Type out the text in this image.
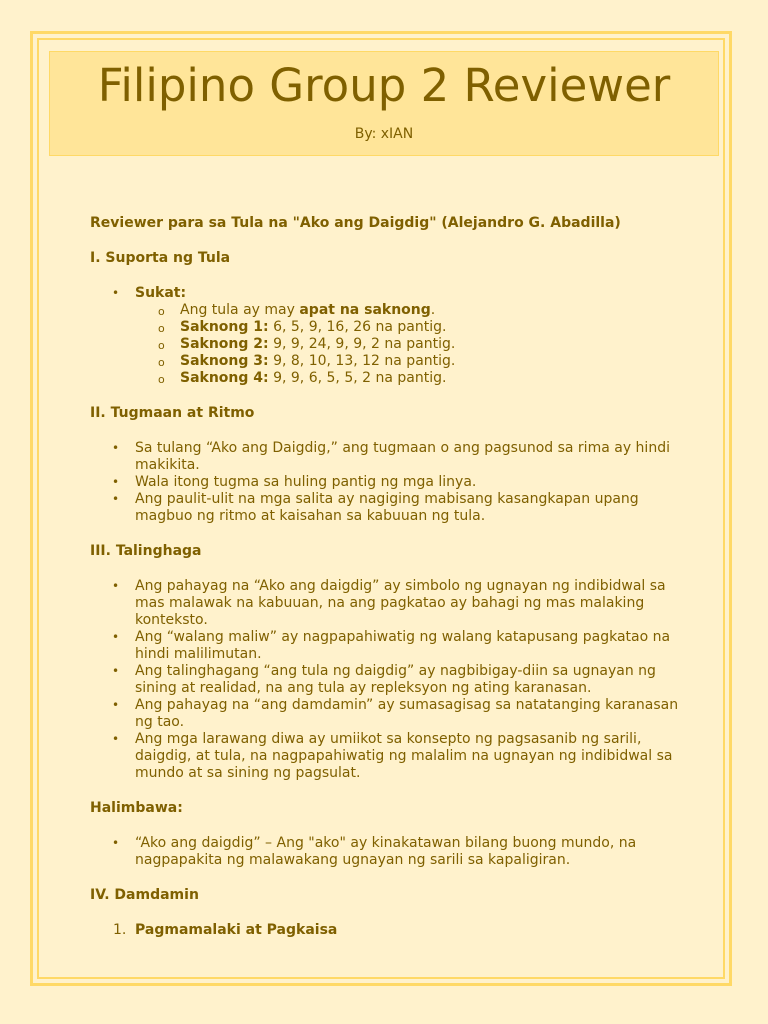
Filipino Group 2 Reviewer
By: xIAN

Reviewer para sa Tula na "Ako ang Daigdig" (Alejandro G. Abadilla)

I. Suporta ng Tula

• Sukat:
o Ang tula ay may apat na saknong.
o Saknong 1: 6, 5, 9, 16, 26 na pantig.
o Saknong 2: 9, 9, 24, 9, 9, 2 na pantig.
o Saknong 3: 9, 8, 10, 13, 12 na pantig.
o Saknong 4: 9, 9, 6, 5, 5, 2 na pantig.

II. Tugmaan at Ritmo

• Sa tulang “Ako ang Daigdig,” ang tugmaan o ang pagsunod sa rima ay hindi makikita.
• Wala itong tugma sa huling pantig ng mga linya.
• Ang paulit-ulit na mga salita ay nagiging mabisang kasangkapan upang magbuo ng ritmo at kaisahan sa kabuuan ng tula.

III. Talinghaga

• Ang pahayag na “Ako ang daigdig” ay simbolo ng ugnayan ng indibidwal sa mas malawak na kabuuan, na ang pagkatao ay bahagi ng mas malaking konteksto.
• Ang “walang maliw” ay nagpapahiwatig ng walang katapusang pagkatao na hindi malilimutan.
• Ang talinghagang “ang tula ng daigdig” ay nagbibigay-diin sa ugnayan ng sining at realidad, na ang tula ay repleksyon ng ating karanasan.
• Ang pahayag na “ang damdamin” ay sumasagisag sa natatanging karanasan ng tao.
• Ang mga larawang diwa ay umiikot sa konsepto ng pagsasanib ng sarili, daigdig, at tula, na nagpapahiwatig ng malalim na ugnayan ng indibidwal sa mundo at sa sining ng pagsulat.

Halimbawa:

• “Ako ang daigdig” – Ang "ako" ay kinakatawan bilang buong mundo, na nagpapakita ng malawakang ugnayan ng sarili sa kapaligiran.

IV. Damdamin

1. Pagmamalaki at Pagkaisa
